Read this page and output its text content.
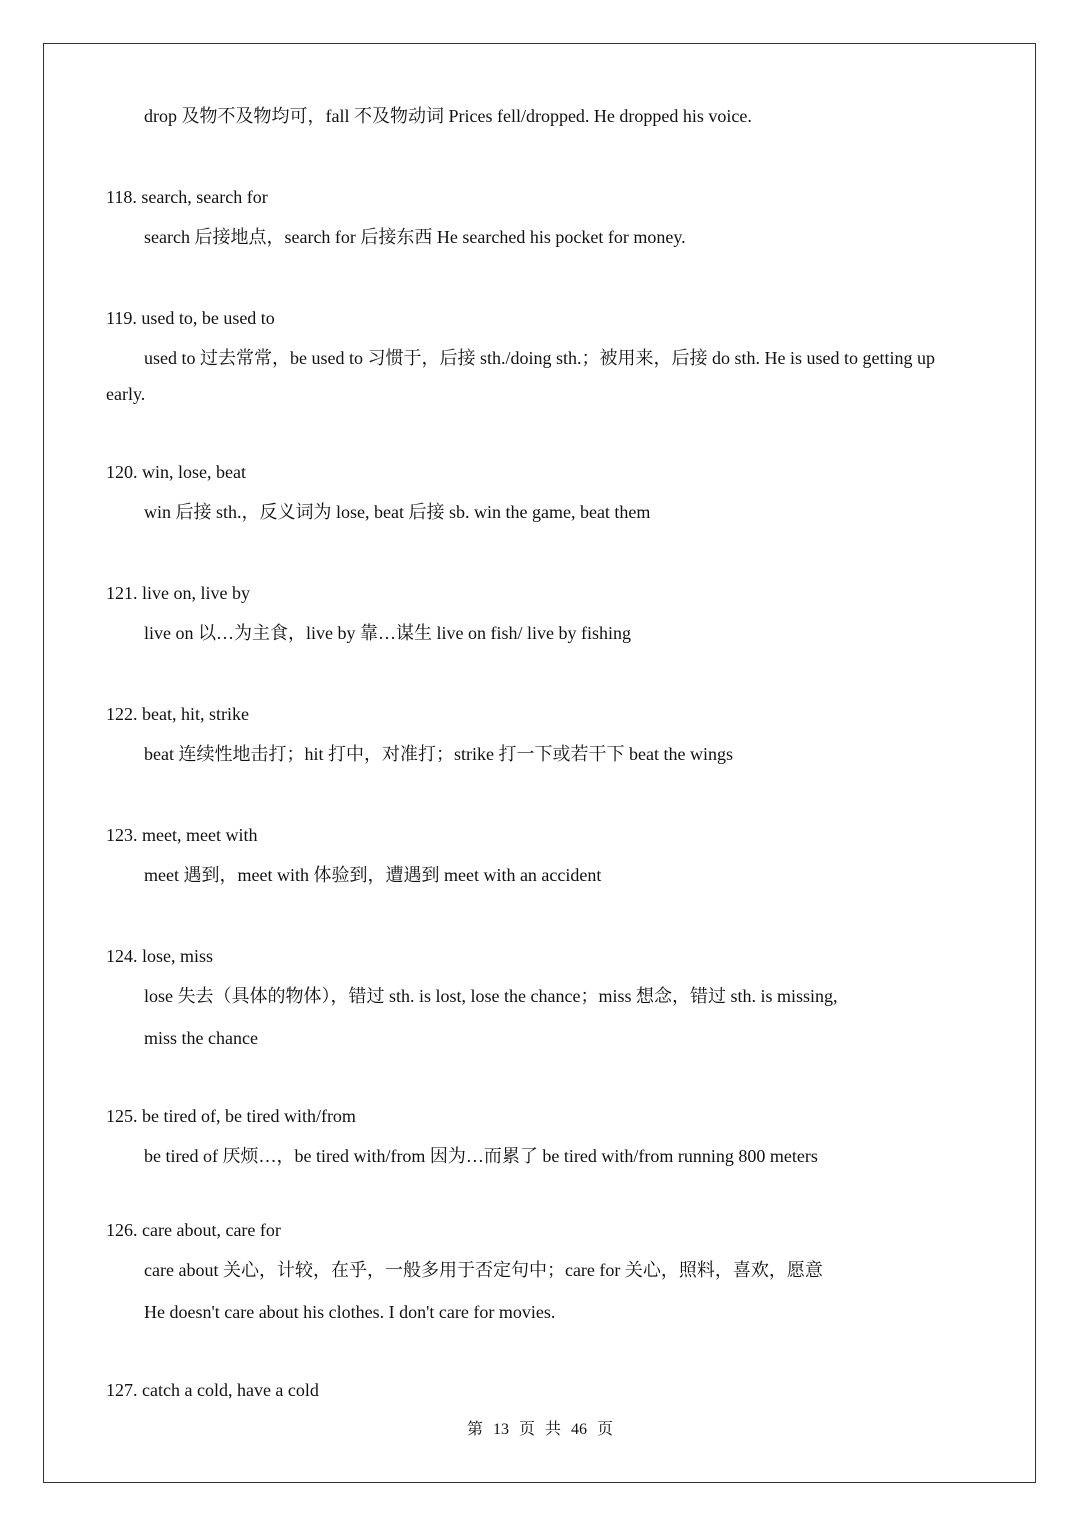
drop 及物不及物均可，fall 不及物动词 Prices fell/dropped. He dropped his voice.
118. search, search for
search 后接地点，search for 后接东西 He searched his pocket for money.
119. used to, be used to
used to 过去常常，be used to 习惯于，后接 sth./doing sth.；被用来，后接 do sth. He is used to getting up early.
120. win, lose, beat
win 后接 sth.，反义词为 lose, beat 后接 sb. win the game, beat them
121. live on, live by
live on 以…为主食，live by 靠…谋生 live on fish/ live by fishing
122. beat, hit, strike
beat 连续性地击打；hit 打中，对准打；strike 打一下或若干下 beat the wings
123. meet, meet with
meet 遇到，meet with 体验到，遭遇到 meet with an accident
124. lose, miss
lose 失去（具体的物体），错过 sth. is lost, lose the chance；miss 想念，错过 sth. is missing,
miss the chance
125. be tired of, be tired with/from
be tired of 厌烦…，be tired with/from 因为…而累了 be tired with/from running 800 meters
126. care about, care for
care about 关心，计较，在乎，一般多用于否定句中；care for 关心，照料，喜欢，愿意
He doesn't care about his clothes. I don't care for movies.
127. catch a cold, have a cold
第 13 页 共 46 页
